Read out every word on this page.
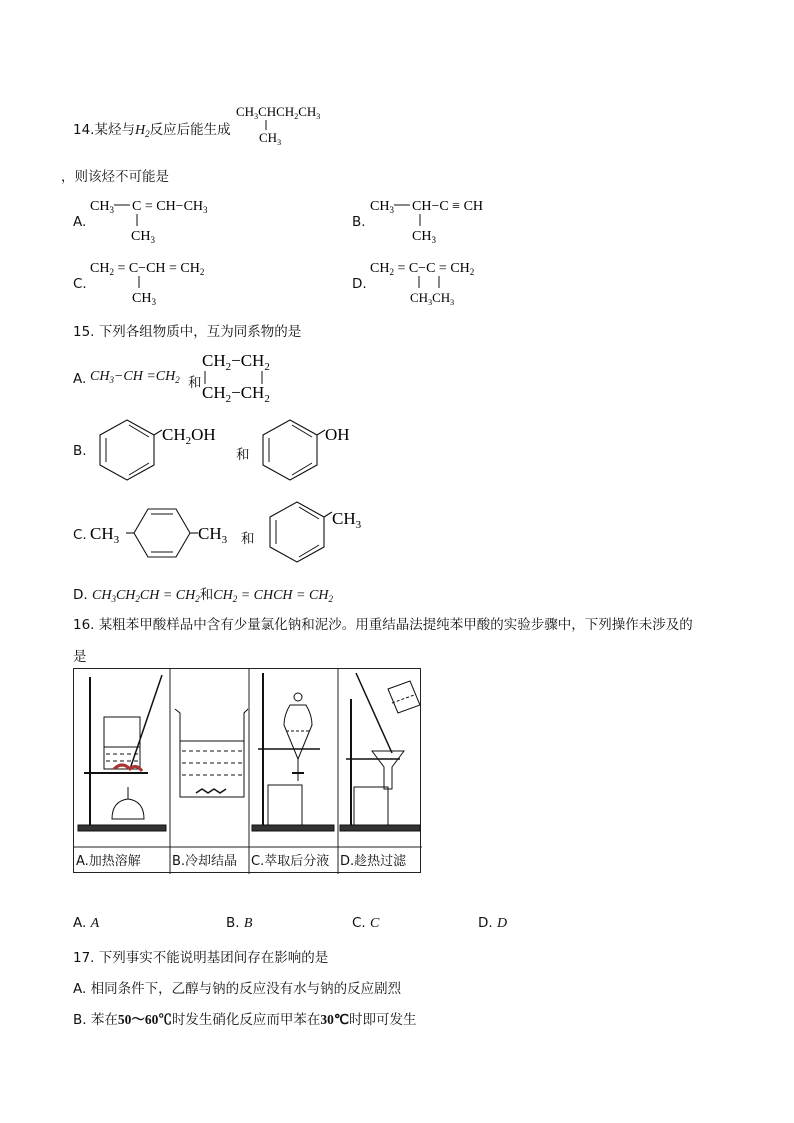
14.某烃与$H_2$反应后能生成
$CH_3CHCH_2CH_3$
$CH_3$
，则该烃不可能是
A.
$CH_3$ $C = CH-CH_3$
$CH_3$
B.
$CH_3$ CH−C ≡ CH
$CH_3$
C.
$CH_2 = C-CH = CH_2$
$CH_3$
D.
$CH_2 = C-C = CH_2$
$CH_3CH_3$
15. 下列各组物质中，互为同系物的是
A. $CH_3-CH =CH_2$ 和
$CH_2-CH_2$
$CH_2-CH_2$
B.
$CH_2OH$
和
OH
C. $CH_3$	$CH_3$ 和
$CH_3$
D. $CH_3CH_2CH = CH_2$和$CH_2$ = CHCH = $CH_2$
16. 某粗苯甲酸样品中含有少量氯化钠和泥沙。用重结晶法提纯苯甲酸的实验步骤中，下列操作未涉及的
是
A.加热溶解 B.冷却结晶 C.萃取后分液 D.趁热过滤
A. A	B. B	C. C	D. D
17. 下列事实不能说明基团间存在影响的是
A. 相同条件下，乙醇与钠的反应没有水与钠的反应剧烈
B. 苯在50～60℃时发生硝化反应而甲苯在30℃时即可发生
